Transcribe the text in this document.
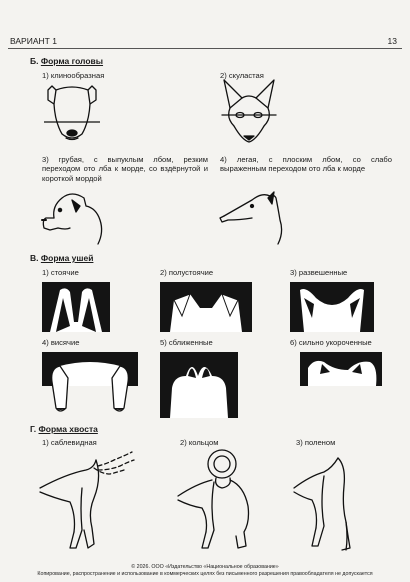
ВАРИАНТ 1	13
Б. Форма головы
1) клинообразная	2) скуластая
3) грубая, с выпуклым лбом, резким переходом ото лба к морде, со вздёрнутой и короткой мордой
4) легая, с плоским лбом, со слабо выраженным переходом ото лба к морде
В. Форма ушей
1) стоячие	2) полустоячие	3) развешенные
4) висячие	5) сближенные	6) сильно укороченные
Г. Форма хвоста
1) саблевидная	2) кольцом	3) поленом
© 2026. ООО «Издательство «Национальное образование»
Копирование, распространение и использование в коммерческих целях без письменного разрешения правообладателя не допускается
